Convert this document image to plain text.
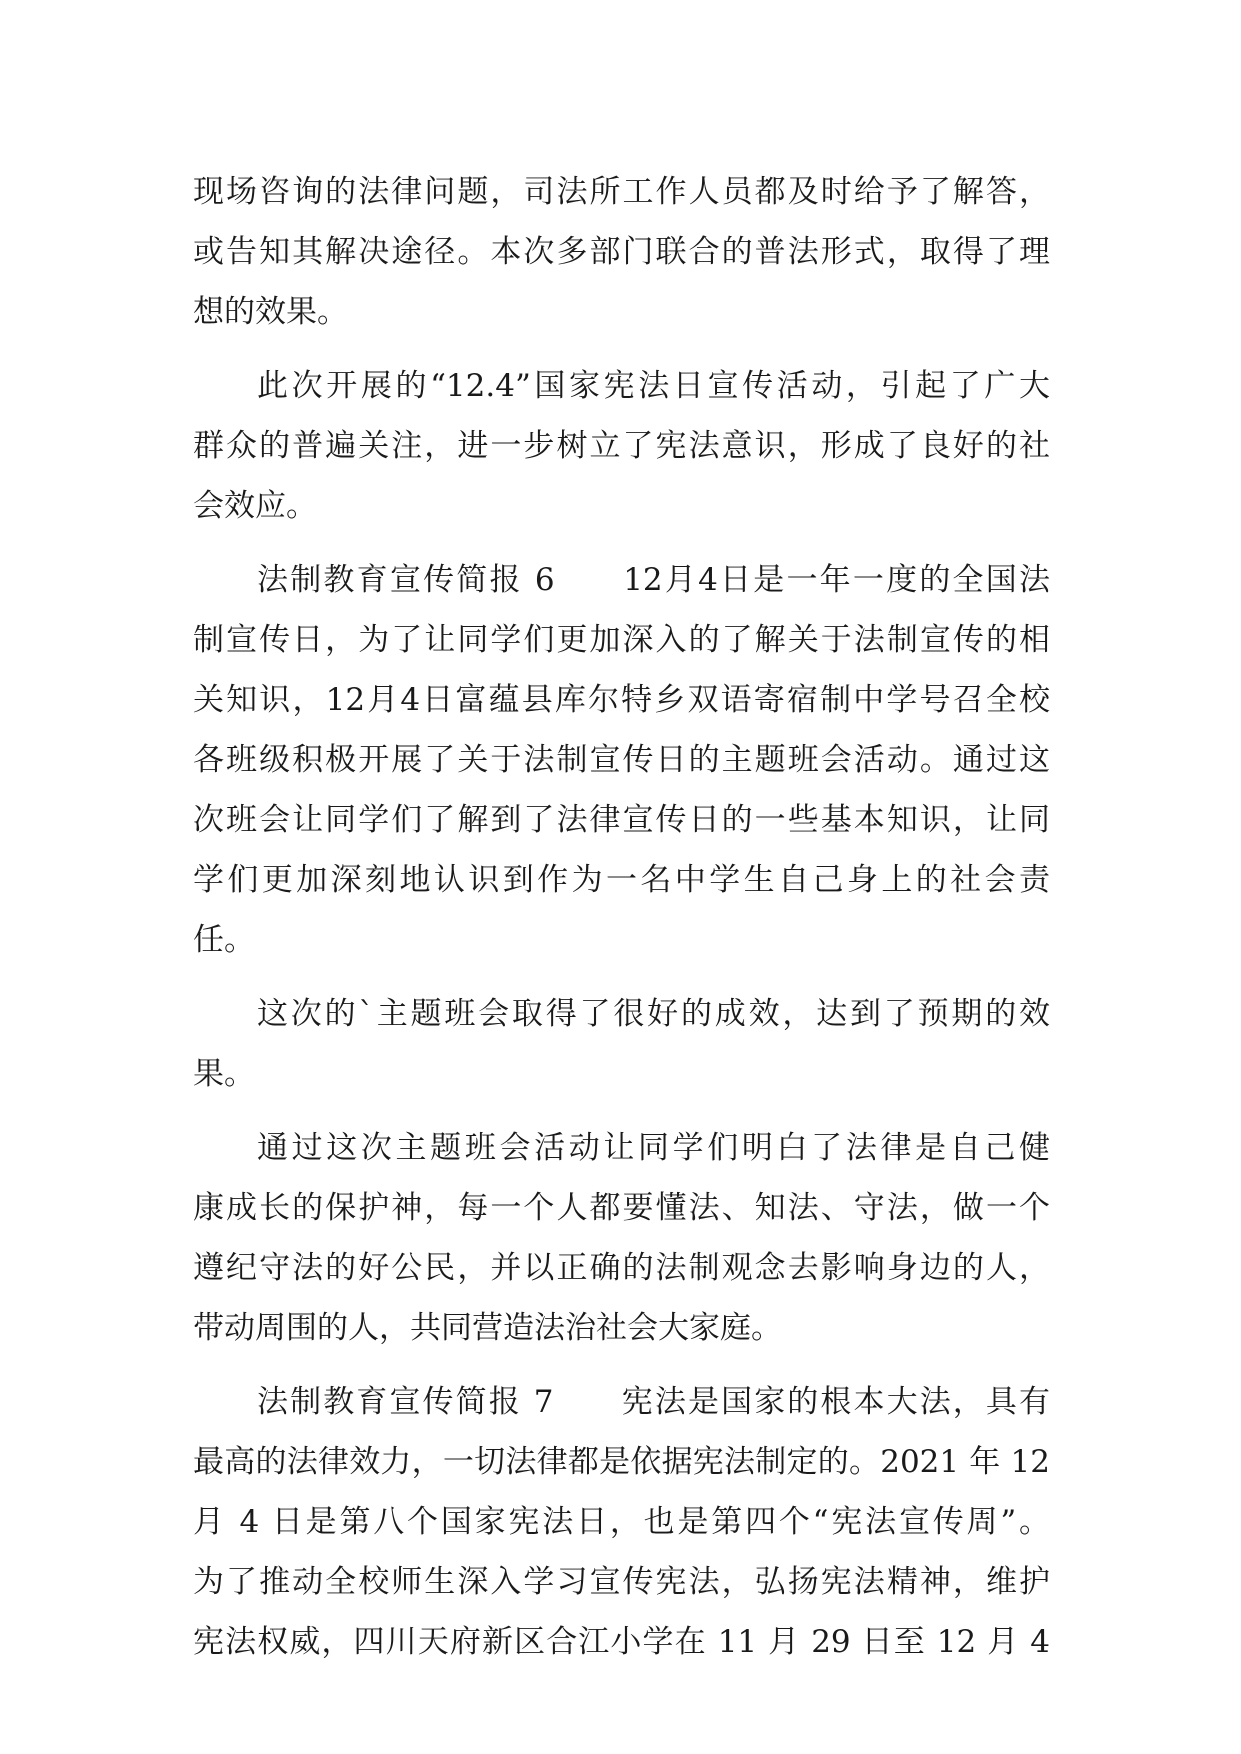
现场咨询的法律问题，司法所工作人员都及时给予了解答，
或告知其解决途径。本次多部门联合的普法形式，取得了理
想的效果。
此次开展的“12.4”国家宪法日宣传活动，引起了广大
群众的普遍关注，进一步树立了宪法意识，形成了良好的社
会效应。
法制教育宣传简报 6　　12月4日是一年一度的全国法
制宣传日，为了让同学们更加深入的了解关于法制宣传的相
关知识，12月4日富蕴县库尔特乡双语寄宿制中学号召全校
各班级积极开展了关于法制宣传日的主题班会活动。通过这
次班会让同学们了解到了法律宣传日的一些基本知识，让同
学们更加深刻地认识到作为一名中学生自己身上的社会责
任。
这次的`主题班会取得了很好的成效，达到了预期的效
果。
通过这次主题班会活动让同学们明白了法律是自己健
康成长的保护神，每一个人都要懂法、知法、守法，做一个
遵纪守法的好公民，并以正确的法制观念去影响身边的人，
带动周围的人，共同营造法治社会大家庭。
法制教育宣传简报 7　　宪法是国家的根本大法，具有
最高的法律效力，一切法律都是依据宪法制定的。2021 年 12
月 4 日是第八个国家宪法日，也是第四个“宪法宣传周”。
为了推动全校师生深入学习宣传宪法，弘扬宪法精神，维护
宪法权威，四川天府新区合江小学在 11 月 29 日至 12 月 4
